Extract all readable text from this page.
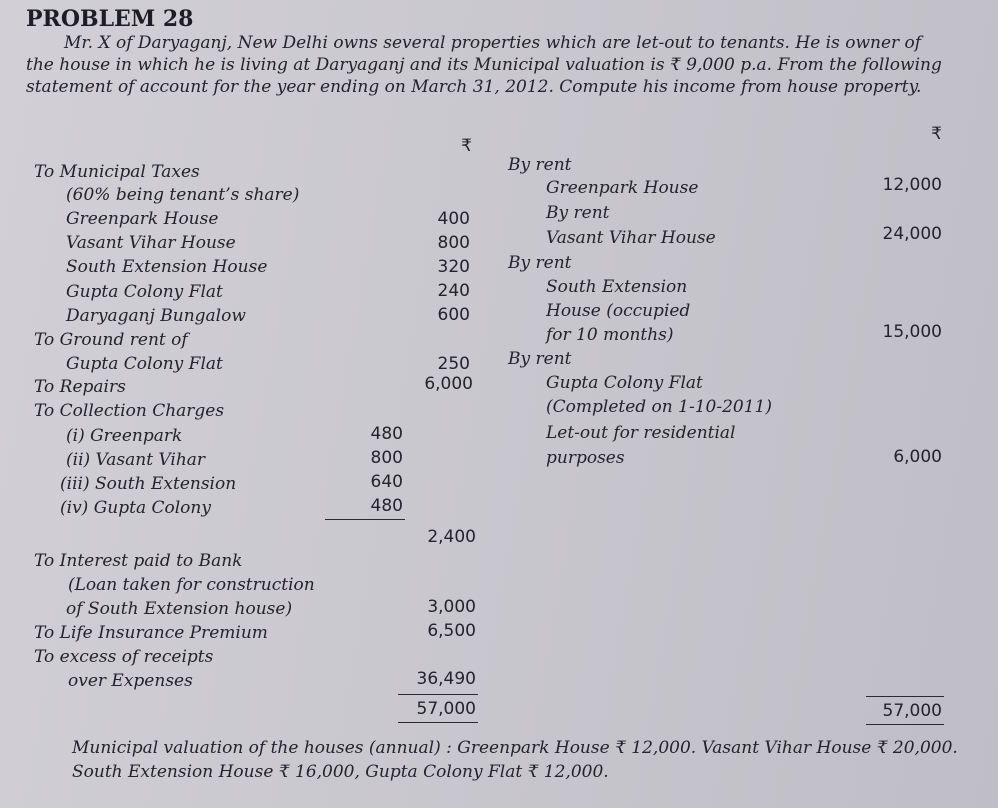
PROBLEM 28
Mr. X of Daryaganj, New Delhi owns several properties which are let-out to tenants. He is owner of the house in which he is living at Daryaganj and its Municipal valuation is ₹ 9,000 p.a. From the following statement of account for the year ending on March 31, 2012. Compute his income from house property.
₹
₹
To Municipal Taxes
(60% being tenant’s share)
Greenpark House	400
Vasant Vihar House	800
South Extension House	320
Gupta Colony Flat	240
Daryaganj Bungalow	600
To Ground rent of
Gupta Colony Flat	250
To Repairs	6,000
To Collection Charges
(i) Greenpark	480
(ii) Vasant Vihar	800
(iii) South Extension	640
(iv) Gupta Colony	480
2,400
To Interest paid to Bank
(Loan taken for construction
of South Extension house)	3,000
To Life Insurance Premium	6,500
To excess of receipts
over Expenses	36,490
57,000
By rent
Greenpark House	12,000
By rent
Vasant Vihar House	24,000
By rent
South Extension
House (occupied
for 10 months)	15,000
By rent
Gupta Colony Flat
(Completed on 1-10-2011)
Let-out for residential
purposes	6,000
57,000
Municipal valuation of the houses (annual) : Greenpark House ₹ 12,000. Vasant Vihar House ₹ 20,000. South Extension House ₹ 16,000, Gupta Colony Flat ₹ 12,000.
